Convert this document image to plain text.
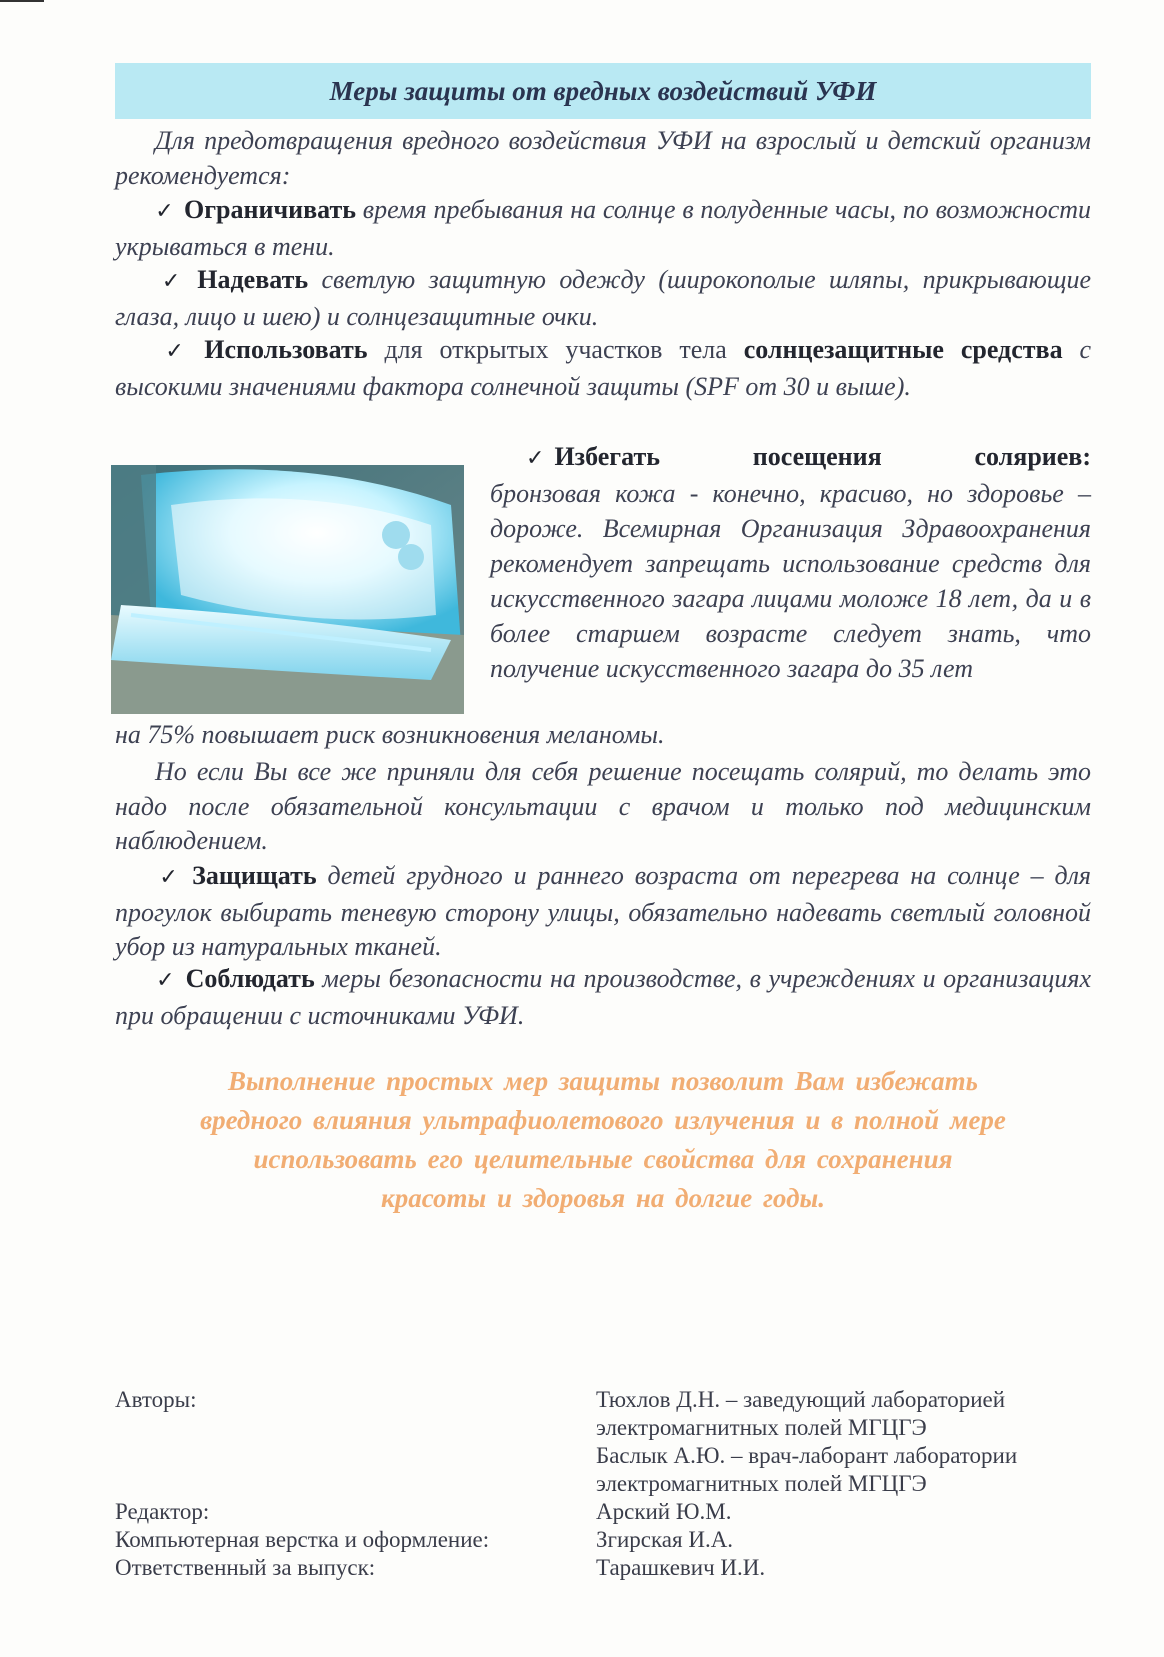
Меры защиты от вредных воздействий УФИ
Для предотвращения вредного воздействия УФИ на взрослый и детский организм рекомендуется:
✓ Ограничивать время пребывания на солнце в полуденные часы, по возможности укрываться в тени.
✓ Надевать светлую защитную одежду (широкополые шляпы, прикрывающие глаза, лицо и шею) и солнцезащитные очки.
✓ Использовать для открытых участков тела солнцезащитные средства с высокими значениями фактора солнечной защиты (SPF от 30 и выше).
✓ Избегать	посещения	соляриев:
бронзовая кожа - конечно, красиво, но здоровье – дороже. Всемирная Организация Здравоохранения рекомендует запрещать использование средств для искусственного загара лицами моложе 18 лет, да и в более старшем возрасте следует знать, что получение искусственного загара до 35 лет
на 75% повышает риск возникновения меланомы.
Но если Вы все же приняли для себя решение посещать солярий, то делать это надо после обязательной консультации с врачом и только под медицинским наблюдением.
✓ Защищать детей грудного и раннего возраста от перегрева на солнце – для прогулок выбирать теневую сторону улицы, обязательно надевать светлый головной убор из натуральных тканей.
✓ Соблюдать меры безопасности на производстве, в учреждениях и организациях при обращении с источниками УФИ.
Выполнение простых мер защиты позволит Вам избежать
вредного влияния ультрафиолетового излучения и в полной мере
использовать его целительные свойства для сохранения
красоты и здоровья на долгие годы.
Авторы:
Редактор:
Компьютерная верстка и оформление:
Ответственный за выпуск:
Тюхлов Д.Н. – заведующий лабораторией
электромагнитных полей МГЦГЭ
Баслык А.Ю. – врач-лаборант лаборатории
электромагнитных полей МГЦГЭ
Арский Ю.М.
Згирская И.А.
Тарашкевич И.И.
